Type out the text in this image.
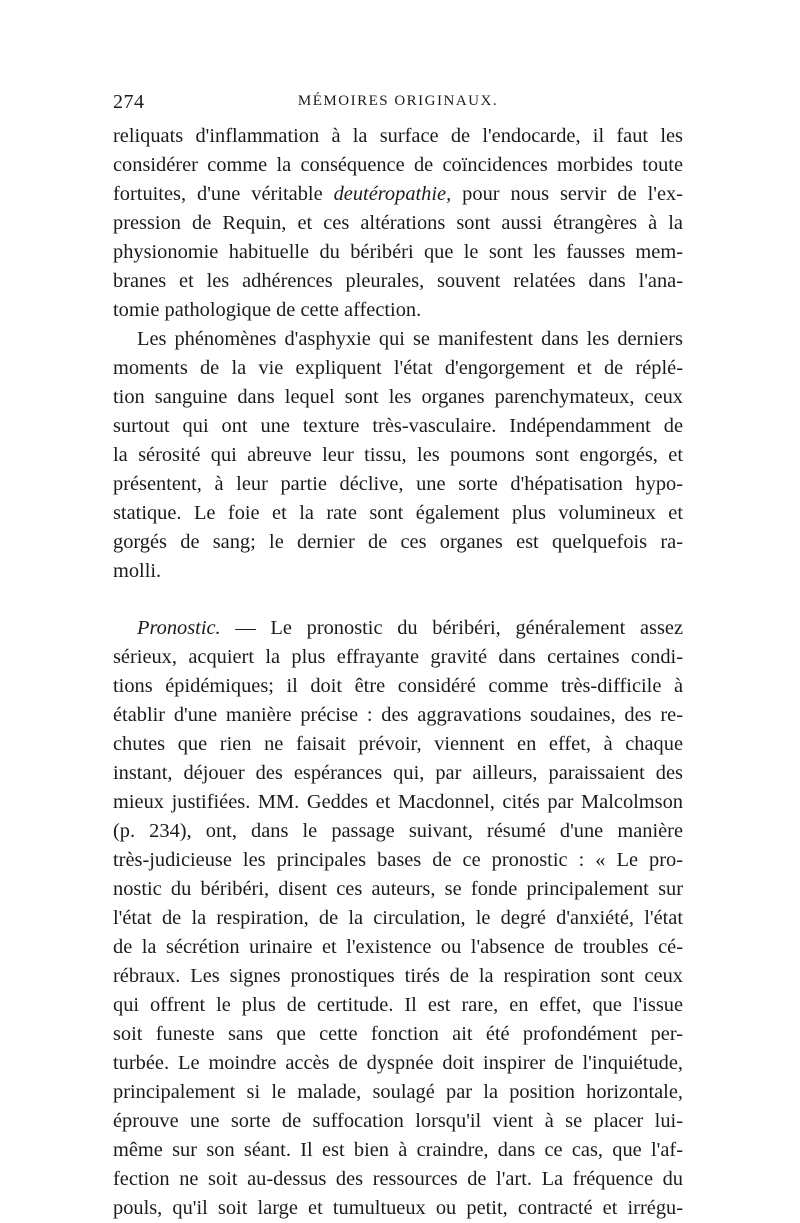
274	MÉMOIRES ORIGINAUX.
reliquats d'inflammation à la surface de l'endocarde, il faut les
considérer comme la conséquence de coïncidences morbides toute
fortuites, d'une véritable deutéropathie, pour nous servir de l'ex-
pression de Requin, et ces altérations sont aussi étrangères à la
physionomie habituelle du béribéri que le sont les fausses mem-
branes et les adhérences pleurales, souvent relatées dans l'ana-
tomie pathologique de cette affection.
Les phénomènes d'asphyxie qui se manifestent dans les derniers
moments de la vie expliquent l'état d'engorgement et de réplé-
tion sanguine dans lequel sont les organes parenchymateux, ceux
surtout qui ont une texture très-vasculaire. Indépendamment de
la sérosité qui abreuve leur tissu, les poumons sont engorgés, et
présentent, à leur partie déclive, une sorte d'hépatisation hypo-
statique. Le foie et la rate sont également plus volumineux et
gorgés de sang; le dernier de ces organes est quelquefois ra-
molli.
Pronostic. — Le pronostic du béribéri, généralement assez
sérieux, acquiert la plus effrayante gravité dans certaines condi-
tions épidémiques; il doit être considéré comme très-difficile à
établir d'une manière précise : des aggravations soudaines, des re-
chutes que rien ne faisait prévoir, viennent en effet, à chaque
instant, déjouer des espérances qui, par ailleurs, paraissaient des
mieux justifiées. MM. Geddes et Macdonnel, cités par Malcolmson
(p. 234), ont, dans le passage suivant, résumé d'une manière
très-judicieuse les principales bases de ce pronostic : « Le pro-
nostic du béribéri, disent ces auteurs, se fonde principalement sur
l'état de la respiration, de la circulation, le degré d'anxiété, l'état
de la sécrétion urinaire et l'existence ou l'absence de troubles cé-
rébraux. Les signes pronostiques tirés de la respiration sont ceux
qui offrent le plus de certitude. Il est rare, en effet, que l'issue
soit funeste sans que cette fonction ait été profondément per-
turbée. Le moindre accès de dyspnée doit inspirer de l'inquiétude,
principalement si le malade, soulagé par la position horizontale,
éprouve une sorte de suffocation lorsqu'il vient à se placer lui-
même sur son séant. Il est bien à craindre, dans ce cas, que l'af-
fection ne soit au-dessus des ressources de l'art. La fréquence du
pouls, qu'il soit large et tumultueux ou petit, contracté et irrégu-
